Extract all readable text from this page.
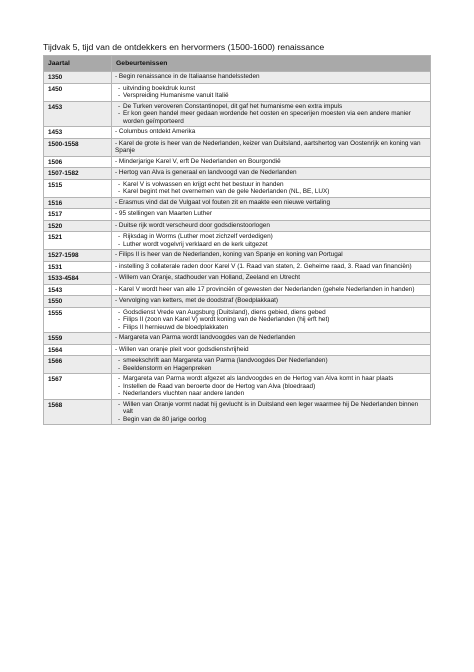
Tijdvak 5, tijd van de ontdekkers en hervormers (1500-1600) renaissance
Jaartal	Gebeurtenissen
1350	- Begin renaissance in de Italiaanse handelssteden

1450	- uitvinding boekdruk kunst
- Verspreiding Humanisme vanuit Italië

1453	- De Turken veroveren Constantinopel, dit gaf het humanisme een extra impuls
- Er kon geen handel meer gedaan wordende het oosten en specerijen moesten via een andere manier worden geïmporteerd

1453	- Columbus ontdekt Amerika

1500-1558	- Karel de grote is heer van de Nederlanden, keizer van Duitsland, aartshertog van Oostenrijk en koning van Spanje

1506	- Minderjarige Karel V, erft De Nederlanden en Bourgondië

1507-1582	- Hertog van Alva is generaal en landvoogd van de Nederlanden

1515	- Karel V is volwassen en krijgt echt het bestuur in handen
- Karel begint met het overnemen van de gele Nederlanden (NL, BE, LUX)

1516	- Erasmus vind dat de Vulgaat vol fouten zit en maakte een nieuwe vertaling

1517	- 95 stellingen van Maarten Luther

1520	- Duitse rijk wordt verscheurd door godsdienstoorlogen

1521	- Rijksdag in Worms (Luther moet zichzelf verdedigen)
- Luther wordt vogelvrij verklaard en de kerk uitgezet

1527-1598	- Filips II is heer van de Nederlanden, koning van Spanje en koning van Portugal

1531	- instelling 3 collaterale raden door Karel V (1. Raad van staten, 2. Geheime raad, 3. Raad van financiën)

1533-4584	- Willem van Oranje, stadhouder van Holland, Zeeland en Utrecht

1543	- Karel V wordt heer van alle 17 provinciën of gewesten der Nederlanden (gehele Nederlanden in handen)

1550	- Vervolging van ketters, met de doodstraf (Boedplakkaat)

1555	- Godsdienst Vrede van Augsburg (Duitsland), diens gebied, diens gebed
- Filips II (zoon van Karel V) wordt koning van de Nederlanden (hij erft het)
- Filips II hernieuwd de bloedplakkaten

1559	- Margareta van Parma wordt landvoogdes van de Nederlanden

1564	- Willen van oranje pleit voor godsdienstvrijheid

1566	- smeekschrift aan Margareta van Parma (landvoogdes Der Nederlanden)
- Beeldenstorm en Hagenpreken

1567	- Margareta van Parma wordt afgezet als landvoogdes en de Hertog van Alva komt in haar plaats
- Instellen de Raad van beroerte door de Hertog van Alva (bloedraad)
- Nederlanders vluchten naar andere landen

1568	- Willen van Oranje vormt nadat hij gevlucht is in Duitsland een leger waarmee hij De Nederlanden binnen valt
- Begin van de 80 jarige oorlog
